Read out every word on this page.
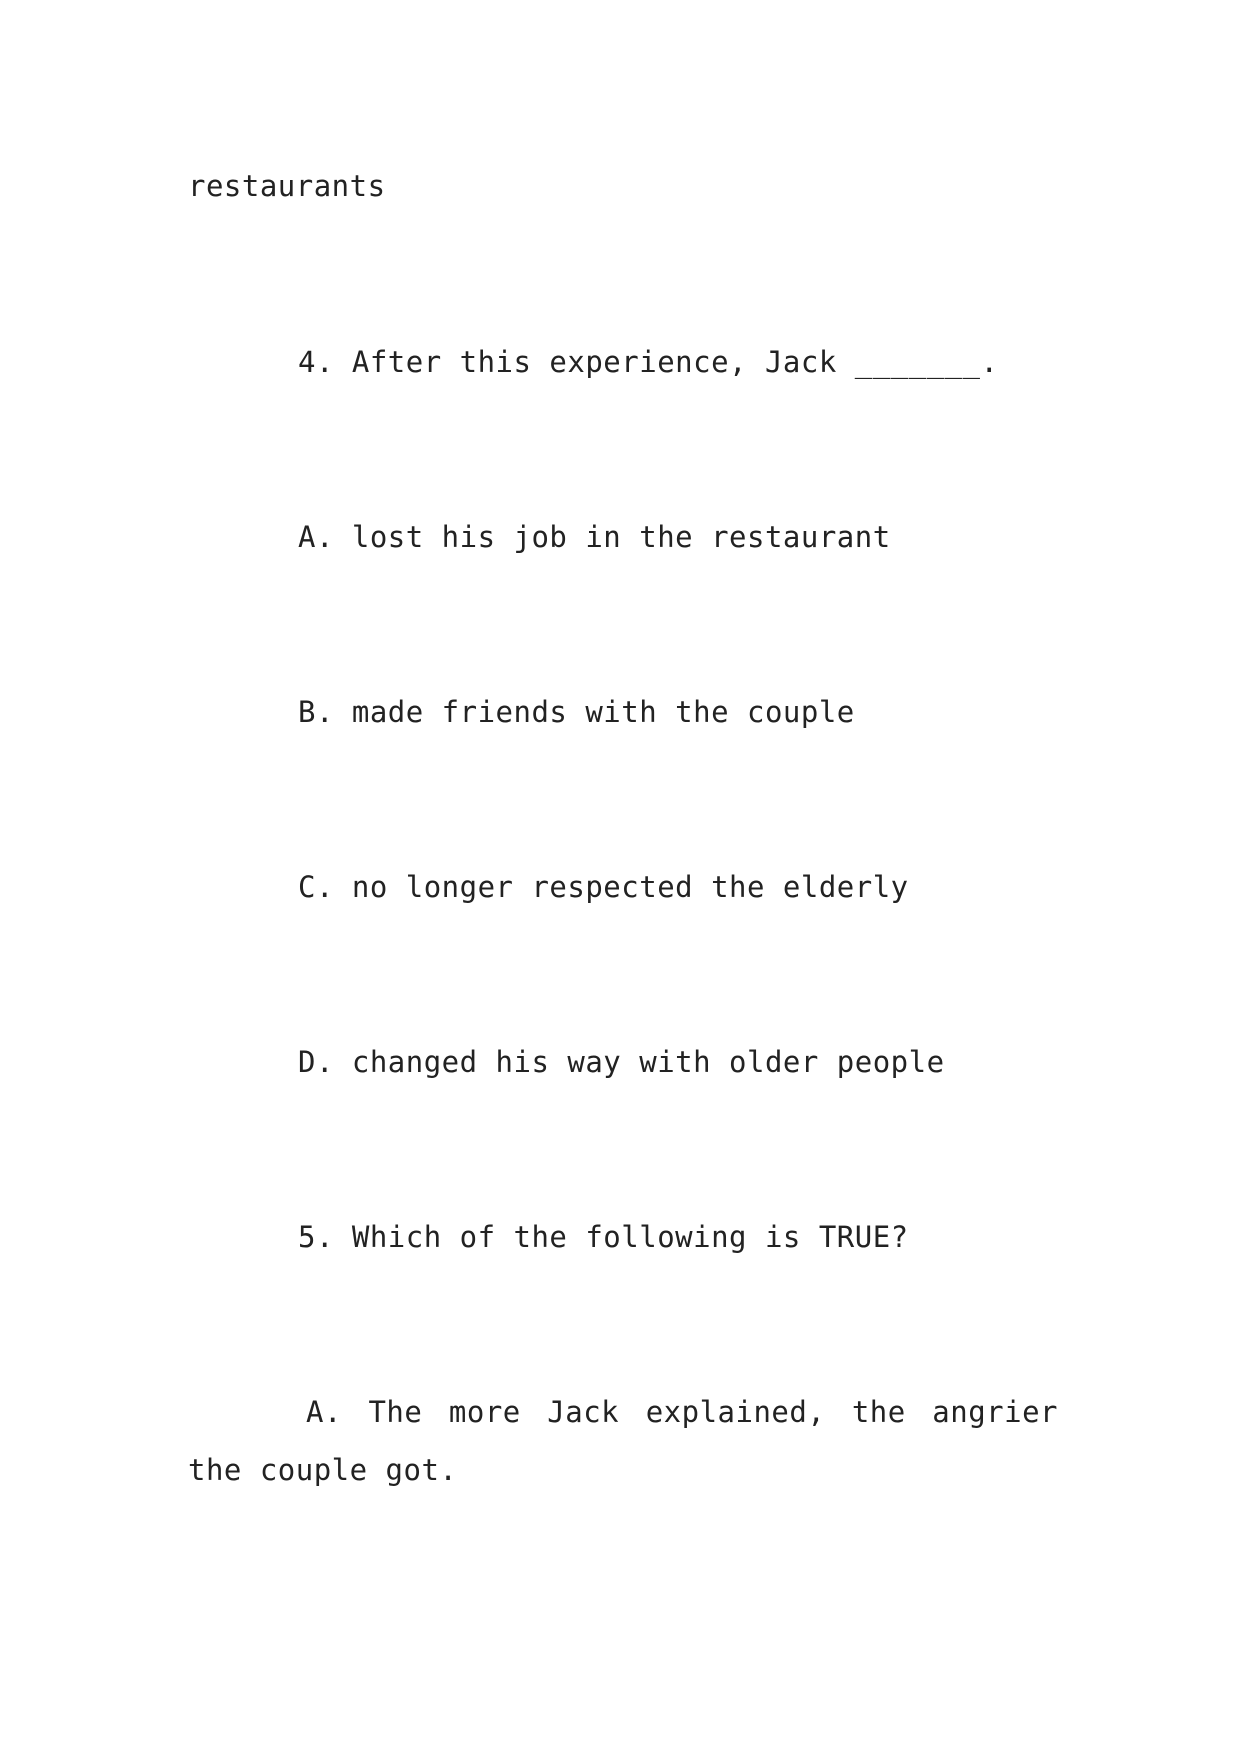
restaurants
4. After this experience, Jack _______.
A. lost his job in the restaurant
B. made friends with the couple
C. no longer respected the elderly
D. changed his way with older people
5. Which of the following is TRUE?
A. The more Jack explained, the angrier the couple got.
